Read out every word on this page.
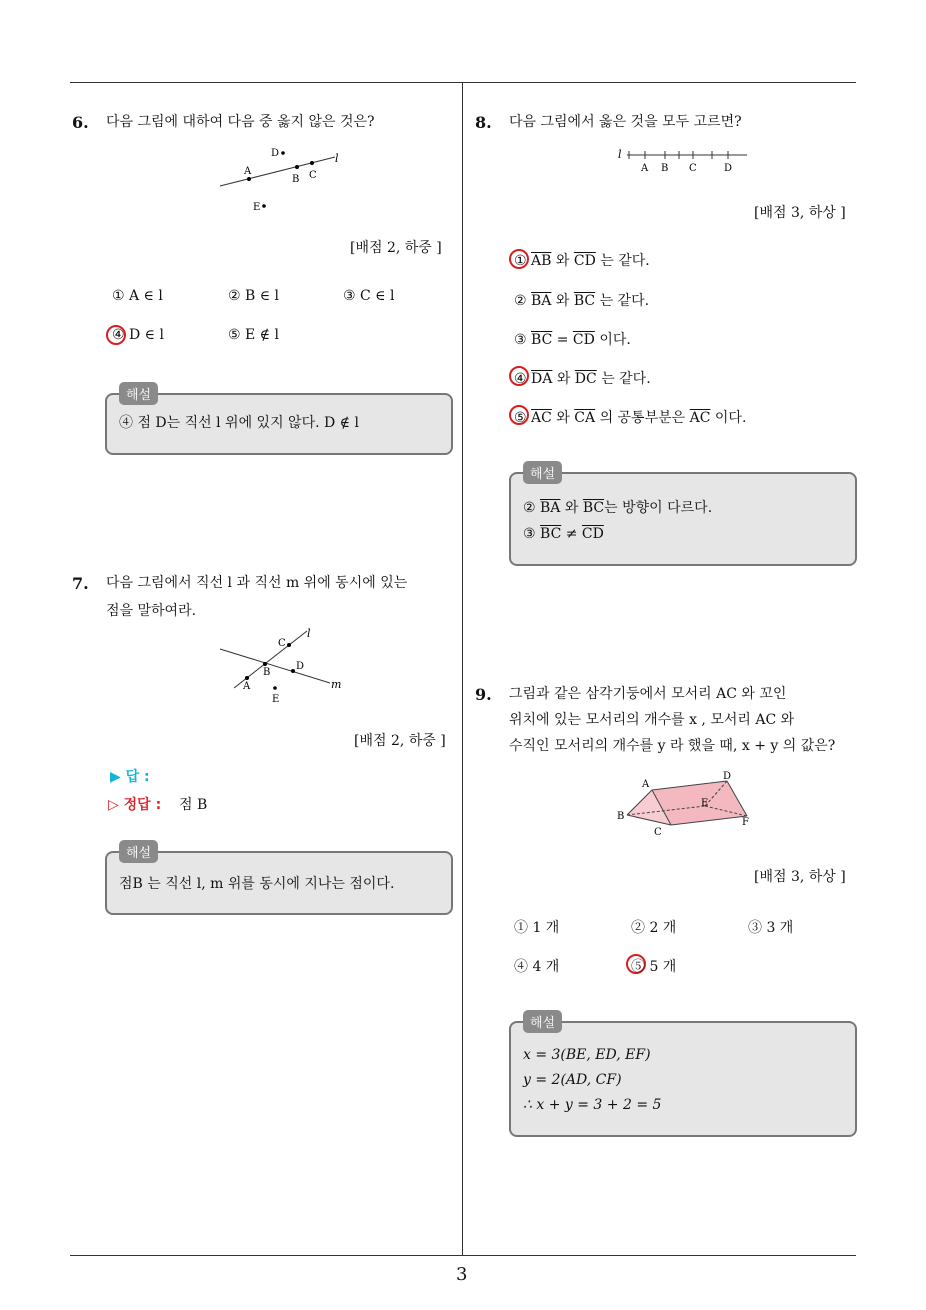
6. 다음 그림에 대하여 다음 중 옳지 않은 것은?
A
B C
D
E
l
[배점 2, 하중 ]
① A ∈ l	② B ∈ l	③ C ∈ l
④ D ∈ l	⑤ E ∉ l
④ 점 D는 직선 l 위에 있지 않다. D ∉ l
해설
7. 다음 그림에서 직선 l 과 직선 m 위에 동시에 있는
점을 말하여라.
A
B
C
D
E
l
m
[배점 2, 하중 ]
▶ 답 :
▷ 정답 : 점 B
점B 는 직선 l, m 위를 동시에 지나는 점이다.
해설
8. 다음 그림에서 옳은 것을 모두 고르면?
l
A B C	D
[배점 3, 하상 ]
① $\overline{AB}$ 와 $\overline{CD}$ 는 같다.
② $\overline{BA}$ 와 $\overline{BC}$ 는 같다.
③ $\overline{BC} = \overline{CD}$ 이다.
④ $\overline{DA}$ 와 $\overline{DC}$ 는 같다.
⑤ $\overline{AC}$ 와 $\overline{CA}$ 의 공통부분은 $\overline{AC}$ 이다.
② $\overline{BA}$ 와 $\overline{BC}$는 방향이 다르다.
③ $\overline{BC} \ne \overline{CD}$
해설
9. 그림과 같은 삼각기둥에서 모서리 AC 와 꼬인
위치에 있는 모서리의 개수를 x , 모서리 AC 와
수직인 모서리의 개수를 y 라 했을 때, x + y 의 값은?
A
B
C
D
E
F
[배점 3, 하상 ]
① 1 개	② 2 개	③ 3 개
④ 4 개	⑤ 5 개
x = 3(BE, ED, EF)
y = 2(AD, CF)
∴ x + y = 3 + 2 = 5
해설
3
